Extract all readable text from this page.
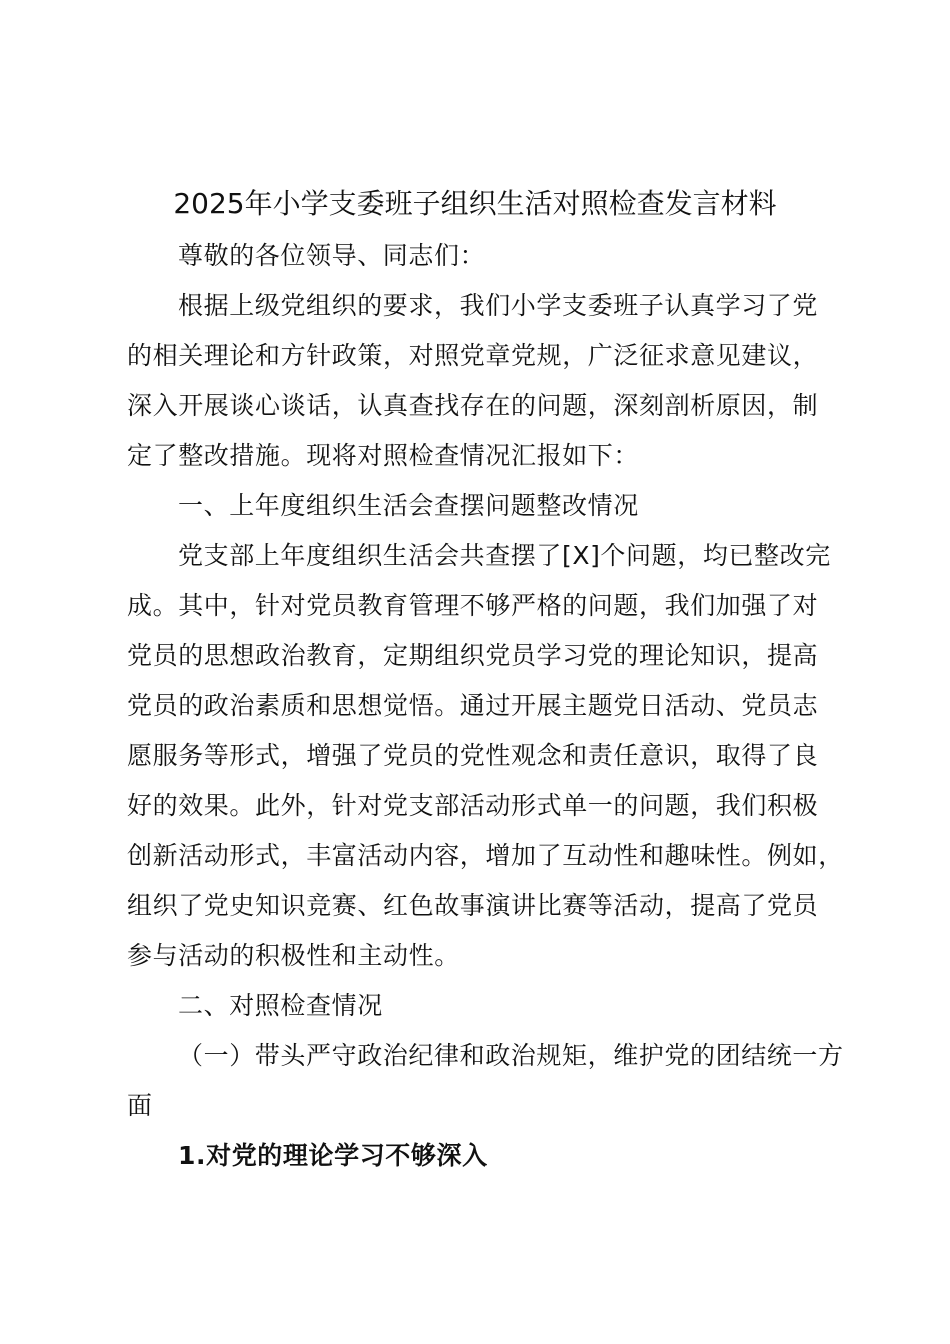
2025年小学支委班子组织生活对照检查发言材料
尊敬的各位领导、同志们：
根据上级党组织的要求，我们小学支委班子认真学习了党
的相关理论和方针政策，对照党章党规，广泛征求意见建议，
深入开展谈心谈话，认真查找存在的问题，深刻剖析原因，制
定了整改措施。现将对照检查情况汇报如下：
一、上年度组织生活会查摆问题整改情况
党支部上年度组织生活会共查摆了[X]个问题，均已整改完
成。其中，针对党员教育管理不够严格的问题，我们加强了对
党员的思想政治教育，定期组织党员学习党的理论知识，提高
党员的政治素质和思想觉悟。通过开展主题党日活动、党员志
愿服务等形式，增强了党员的党性观念和责任意识，取得了良
好的效果。此外，针对党支部活动形式单一的问题，我们积极
创新活动形式，丰富活动内容，增加了互动性和趣味性。例如，
组织了党史知识竞赛、红色故事演讲比赛等活动，提高了党员
参与活动的积极性和主动性。
二、对照检查情况
（一）带头严守政治纪律和政治规矩，维护党的团结统一方
面
1.对党的理论学习不够深入
